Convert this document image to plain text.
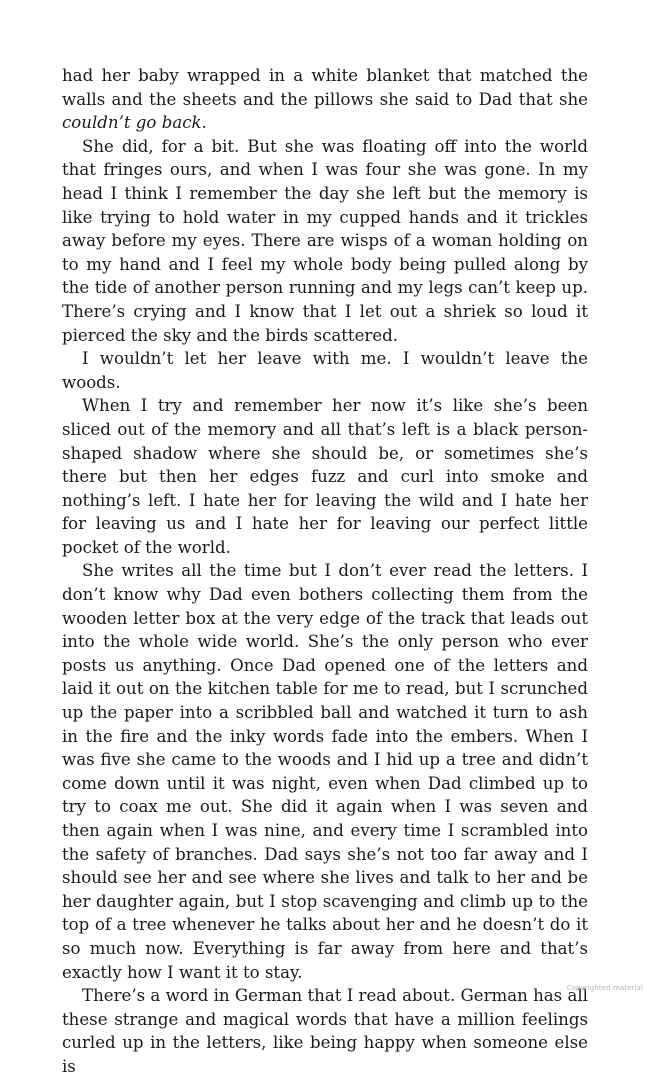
had her baby wrapped in a white blanket that matched the walls and the sheets and the pillows she said to Dad that she couldn’t go back.

She did, for a bit. But she was floating off into the world that fringes ours, and when I was four she was gone. In my head I think I remember the day she left but the memory is like trying to hold water in my cupped hands and it trickles away before my eyes. There are wisps of a woman holding on to my hand and I feel my whole body being pulled along by the tide of another person running and my legs can’t keep up. There’s crying and I know that I let out a shriek so loud it pierced the sky and the birds scattered.

I wouldn’t let her leave with me. I wouldn’t leave the woods.

When I try and remember her now it’s like she’s been sliced out of the memory and all that’s left is a black person-shaped shadow where she should be, or sometimes she’s there but then her edges fuzz and curl into smoke and nothing’s left. I hate her for leaving the wild and I hate her for leaving us and I hate her for leaving our perfect little pocket of the world.

She writes all the time but I don’t ever read the letters. I don’t know why Dad even bothers collecting them from the wooden letter box at the very edge of the track that leads out into the whole wide world. She’s the only person who ever posts us anything. Once Dad opened one of the letters and laid it out on the kitchen table for me to read, but I scrunched up the paper into a scribbled ball and watched it turn to ash in the fire and the inky words fade into the embers. When I was five she came to the woods and I hid up a tree and didn’t come down until it was night, even when Dad climbed up to try to coax me out. She did it again when I was seven and then again when I was nine, and every time I scrambled into the safety of branches. Dad says she’s not too far away and I should see her and see where she lives and talk to her and be her daughter again, but I stop scavenging and climb up to the top of a tree whenever he talks about her and he doesn’t do it so much now. Everything is far away from here and that’s exactly how I want it to stay.

There’s a word in German that I read about. German has all these strange and magical words that have a million feelings curled up in the letters, like being happy when someone else is

Copyrighted material
